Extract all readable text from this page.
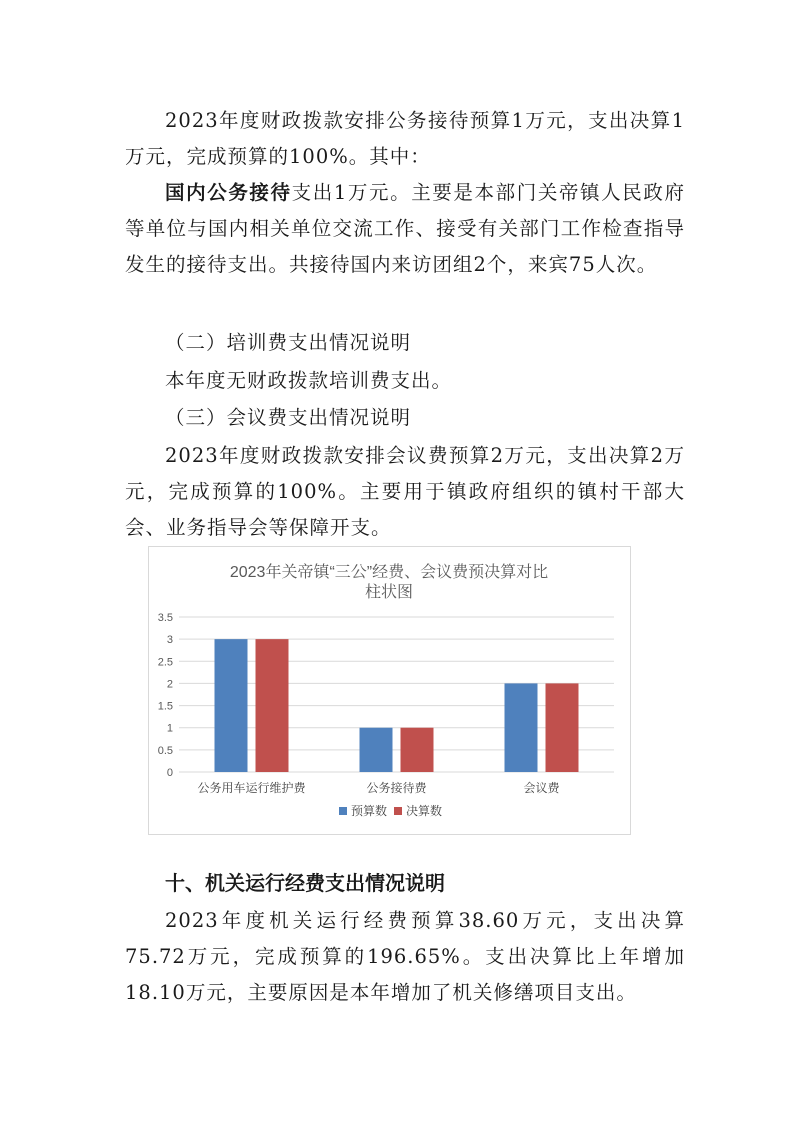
2023年度财政拨款安排公务接待预算1万元，支出决算1万元，完成预算的100%。其中：

国内公务接待支出1万元。主要是本部门关帝镇人民政府等单位与国内相关单位交流工作、接受有关部门工作检查指导发生的接待支出。共接待国内来访团组2个，来宾75人次。

（二）培训费支出情况说明
本年度无财政拨款培训费支出。
（三）会议费支出情况说明

2023年度财政拨款安排会议费预算2万元，支出决算2万元，完成预算的100%。主要用于镇政府组织的镇村干部大会、业务指导会等保障开支。

2023年关帝镇“三公”经费、会议费预决算对比
柱状图
0
0.5
1
1.5
2
2.5
3
3.5
公务用车运行维护费	公务接待费	会议费
预算数 决算数
十、机关运行经费支出情况说明

2023年度机关运行经费预算38.60万元，支出决算75.72万元，完成预算的196.65%。支出决算比上年增加18.10万元，主要原因是本年增加了机关修缮项目支出。
